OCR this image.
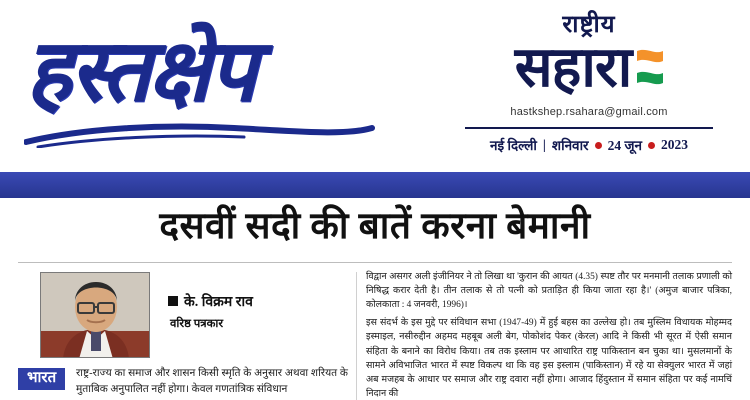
हस्तक्षेप	राष्ट्रीय
सहारा
hastkshep.rsahara@gmail.com
नई दिल्ली | शनिवार 24 जून 2023
दसवीं सदी की बातें करना बेमानी
के. विक्रम राव
वरिष्ठ पत्रकार
भारत	राष्ट्र-राज्य का समाज और शासन किसी स्मृति के अनुसार अथवा शरियत के मुताबिक अनुपालित नहीं होगा। केवल गणतांत्रिक संविधान

विद्वान असगर अली इंजीनियर ने तो लिखा था 'कुरान की आयत (4.35) स्पष्ट तौर पर मनमानी तलाक प्रणाली को निषिद्ध करार देती है। तीन तलाक से तो पत्नी को प्रताड़ित ही किया जाता रहा है।' (अमुज बाजार पत्रिका, कोलकाता : 4 जनवरी, 1996)।

इस संदर्भ के इस मुद्दे पर संविधान सभा (1947-49) में हुई बहस का उल्लेख हो। तब मुस्लिम विधायक मोहम्मद इस्माइल, नसीरुद्दीन अहमद महबूब अली बेग, पोकोशंद पेकर (केरल) आदि ने किसी भी सूरत में ऐसी समान संहिता के बनाने का विरोध किया। तब तक इस्लाम पर आधारित राष्ट्र पाकिस्तान बन चुका था। मुसलमानों के सामने अविभाजित भारत में स्पष्ट विकल्प था कि वह इस इस्लाम (पाकिस्तान) में रहे या सेक्युलर भारत में जहां अब मजहब के आधार पर समाज और राष्ट्र दवारा नहीं होगा। आजाद हिंदुस्तान में समान संहिता पर कई नामचिं निदान की
